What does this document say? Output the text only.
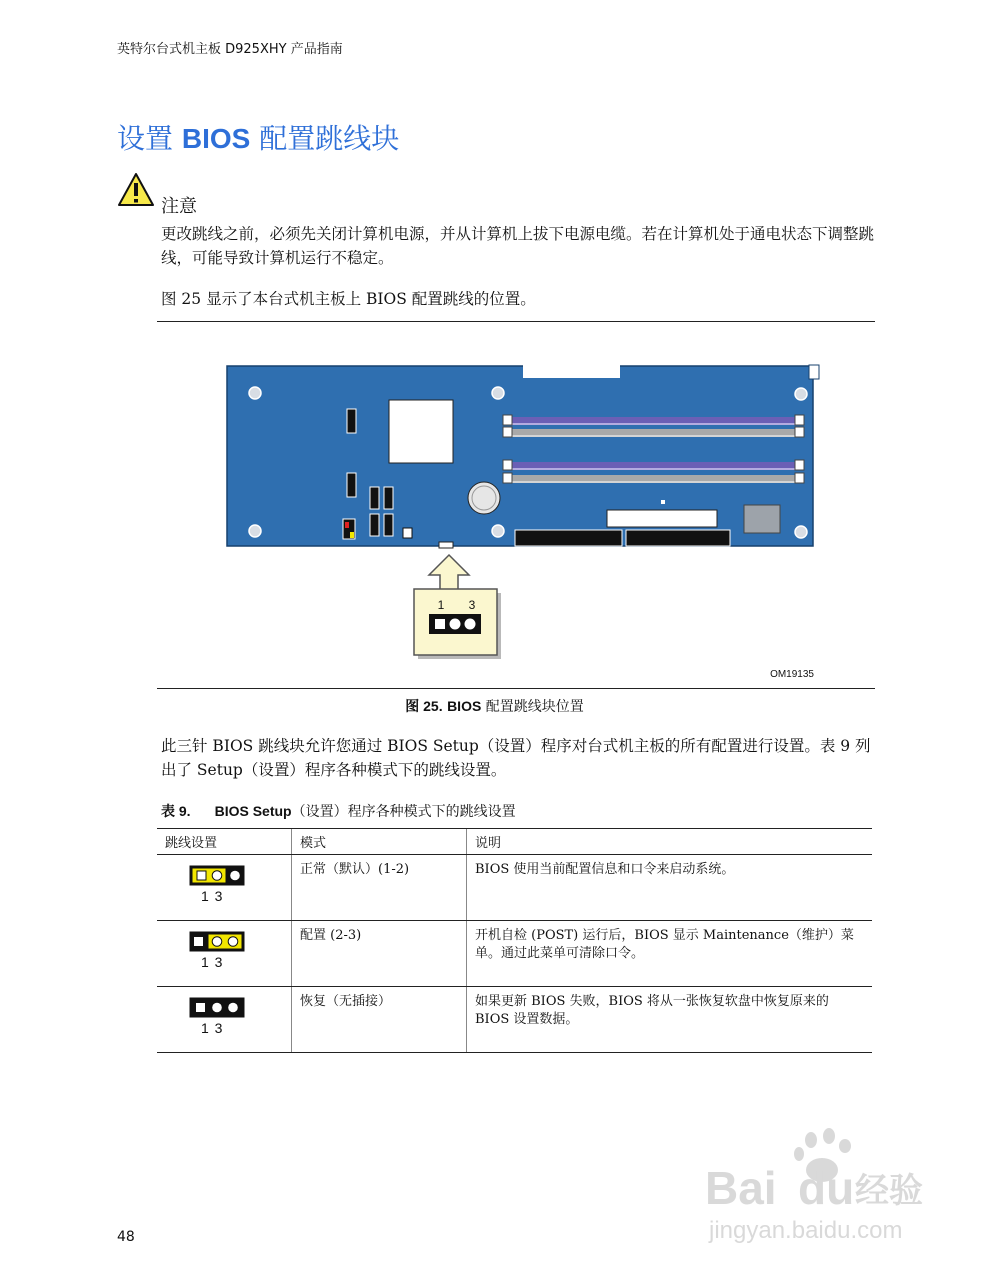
英特尔台式机主板 D925XHY 产品指南
设置 BIOS 配置跳线块
注意
更改跳线之前，必须先关闭计算机电源，并从计算机上拔下电源电缆。若在计算机处于通电状态下调整跳线，可能导致计算机运行不稳定。
图 25 显示了本台式机主板上 BIOS 配置跳线的位置。
1 3
OM19135
图 25. BIOS 配置跳线块位置
此三针 BIOS 跳线块允许您通过 BIOS Setup（设置）程序对台式机主板的所有配置进行设置。表 9 列出了 Setup（设置）程序各种模式下的跳线设置。
表 9. BIOS Setup（设置）程序各种模式下的跳线设置
跳线设置	模式	说明

1 3	正常（默认）(1-2)	BIOS 使用当前配置信息和口令来启动系统。

1 3	配置 (2-3)	开机自检 (POST) 运行后，BIOS 显示 Maintenance（维护）菜单。通过此菜单可清除口令。

1 3	恢复（无插接）	如果更新 BIOS 失败，BIOS 将从一张恢复软盘中恢复原来的 BIOS 设置数据。
48
Bai du 经验
jingyan.baidu.com
